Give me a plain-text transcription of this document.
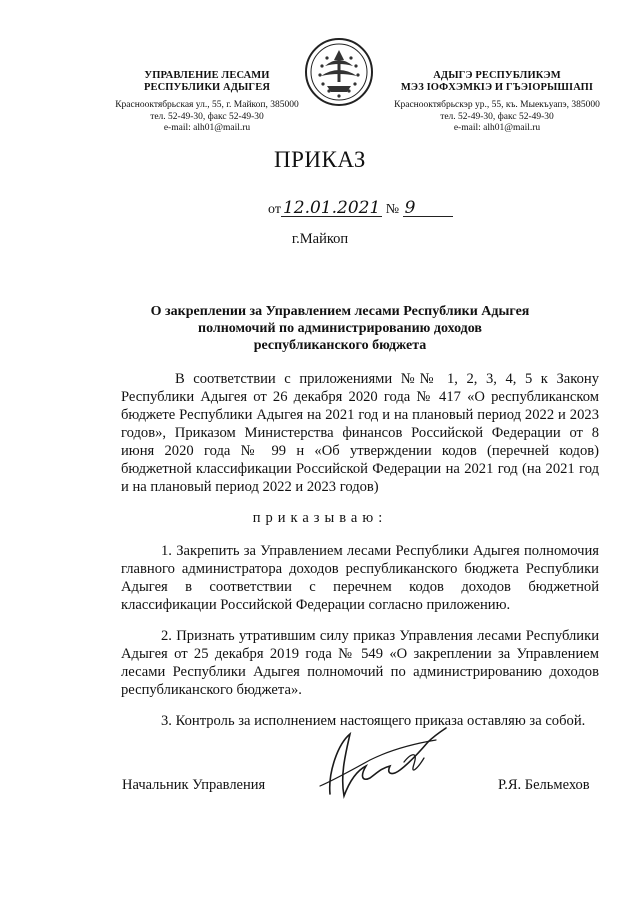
УПРАВЛЕНИЕ ЛЕСАМИ
РЕСПУБЛИКИ АДЫГЕЯ
Краснооктябрьская ул., 55, г. Майкоп, 385000
тел. 52-49-30, факс 52-49-30
e-mail: alh01@mail.ru
АДЫГЭ РЕСПУБЛИКЭМ
МЭЗ IОФХЭМКIЭ И ГЪЭIОРЫШIАПI
Краснооктябрьскэр ур., 55, къ. Мыекъуапэ, 385000
тел. 52-49-30, факс 52-49-30
e-mail: alh01@mail.ru
ПРИКАЗ
от 12.01.2021 № 9
г.Майкоп
О закреплении за Управлением лесами Республики Адыгея
полномочий по администрированию доходов
республиканского бюджета
В соответствии с приложениями №№ 1, 2, 3, 4, 5 к Закону Республики Адыгея от 26 декабря 2020 года № 417 «О республиканском бюджете Республики Адыгея на 2021 год и на плановый период 2022 и 2023 годов», Приказом Министерства финансов Российской Федерации от 8 июня 2020 года № 99 н «Об утверждении кодов (перечней кодов) бюджетной классификации Российской Федерации на 2021 год (на 2021 год и на плановый период 2022 и 2023 годов)
приказываю:
1. Закрепить за Управлением лесами Республики Адыгея полномочия главного администратора доходов республиканского бюджета Республики Адыгея в соответствии с перечнем кодов доходов бюджетной классификации Российской Федерации согласно приложению.
2. Признать утратившим силу приказ Управления лесами Республики Адыгея от 25 декабря 2019 года № 549 «О закреплении за Управлением лесами Республики Адыгея полномочий по администрированию доходов республиканского бюджета».
3. Контроль за исполнением настоящего приказа оставляю за собой.
Начальник Управления	Р.Я. Бельмехов
